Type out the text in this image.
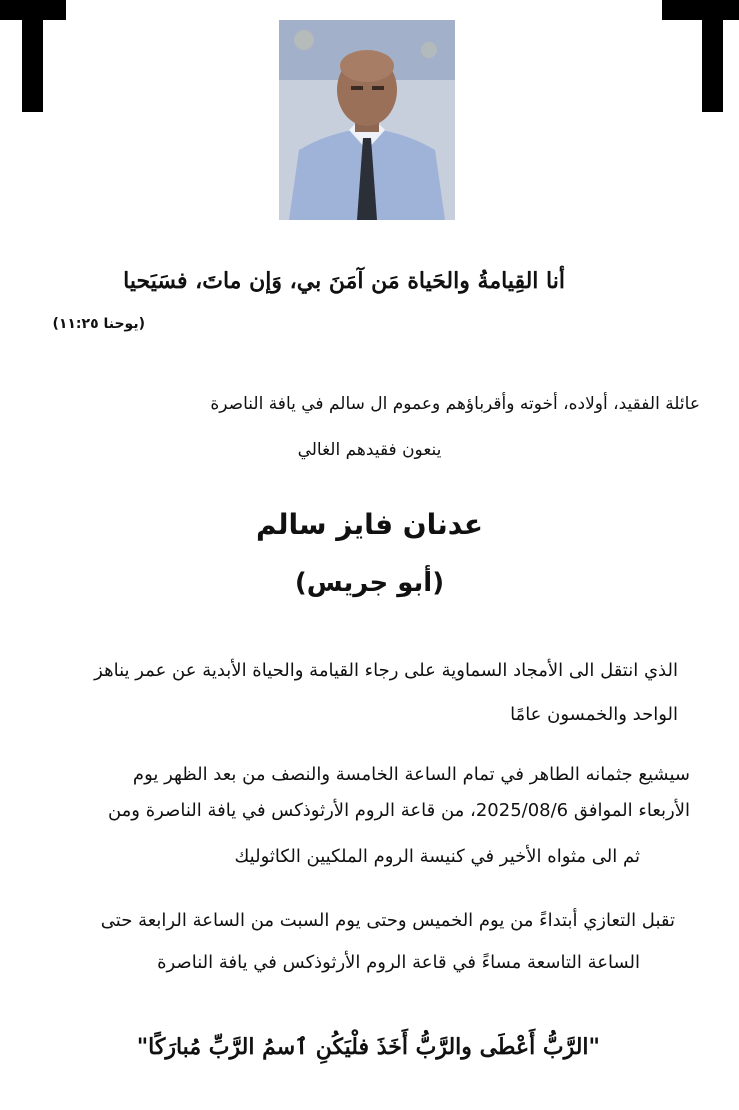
أنا القِيامةُ والحَياة مَن آمَنَ بي، وَإن ماتَ، فسَيَحيا
(يوحنا ١١:٢٥)
عائلة الفقيد، أولاده، أخوته وأقرباؤهم وعموم ال سالم في يافة الناصرة
ينعون فقيدهم الغالي
عدنان فايز سالم
(أبو جريس)
الذي انتقل الى الأمجاد السماوية على رجاء القيامة والحياة الأبدية عن عمر يناهز
الواحد والخمسون عامًا
سيشيع جثمانه الطاهر في تمام الساعة الخامسة والنصف من بعد الظهر يوم
الأربعاء الموافق 2025/08/6، من قاعة الروم الأرثوذكس في يافة الناصرة ومن
ثم الى مثواه الأخير في كنيسة الروم الملكيين الكاثوليك
تقبل التعازي أبتداءً من يوم الخميس وحتى يوم السبت من الساعة الرابعة حتى
الساعة التاسعة مساءً في قاعة الروم الأرثوذكس في يافة الناصرة
"الرَّبُّ أَعْطَى والرَّبُّ أَخَذَ فلْيَكُنِ ٱسمُ الرَّبِّ مُبارَكًا"
